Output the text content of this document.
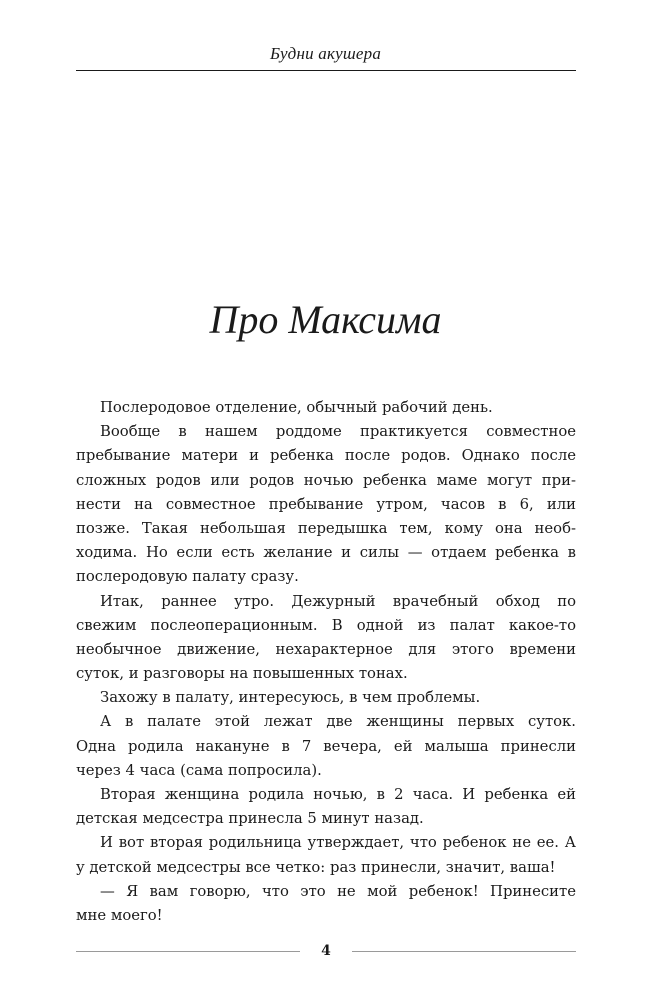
Будни акушера
Про Максима
Послеродовое отделение, обычный рабочий день.
Вообще в нашем роддоме практикуется совместное
пребывание матери и ребенка после родов. Однако после
сложных родов или родов ночью ребенка маме могут при-
нести на совместное пребывание утром, часов в 6, или
позже. Такая небольшая передышка тем, кому она необ-
ходима. Но если есть желание и силы — отдаем ребенка в
послеродовую палату сразу.
Итак, раннее утро. Дежурный врачебный обход по
свежим послеоперационным. В одной из палат какое-то
необычное движение, нехарактерное для этого времени
суток, и разговоры на повышенных тонах.
Захожу в палату, интересуюсь, в чем проблемы.
А в палате этой лежат две женщины первых суток.
Одна родила накануне в 7 вечера, ей малыша принесли
через 4 часа (сама попросила).
Вторая женщина родила ночью, в 2 часа. И ребенка ей
детская медсестра принесла 5 минут назад.
И вот вторая родильница утверждает, что ребенок не ее. А
у детской медсестры все четко: раз принесли, значит, ваша!
— Я вам говорю, что это не мой ребенок! Принесите
мне моего!
4
